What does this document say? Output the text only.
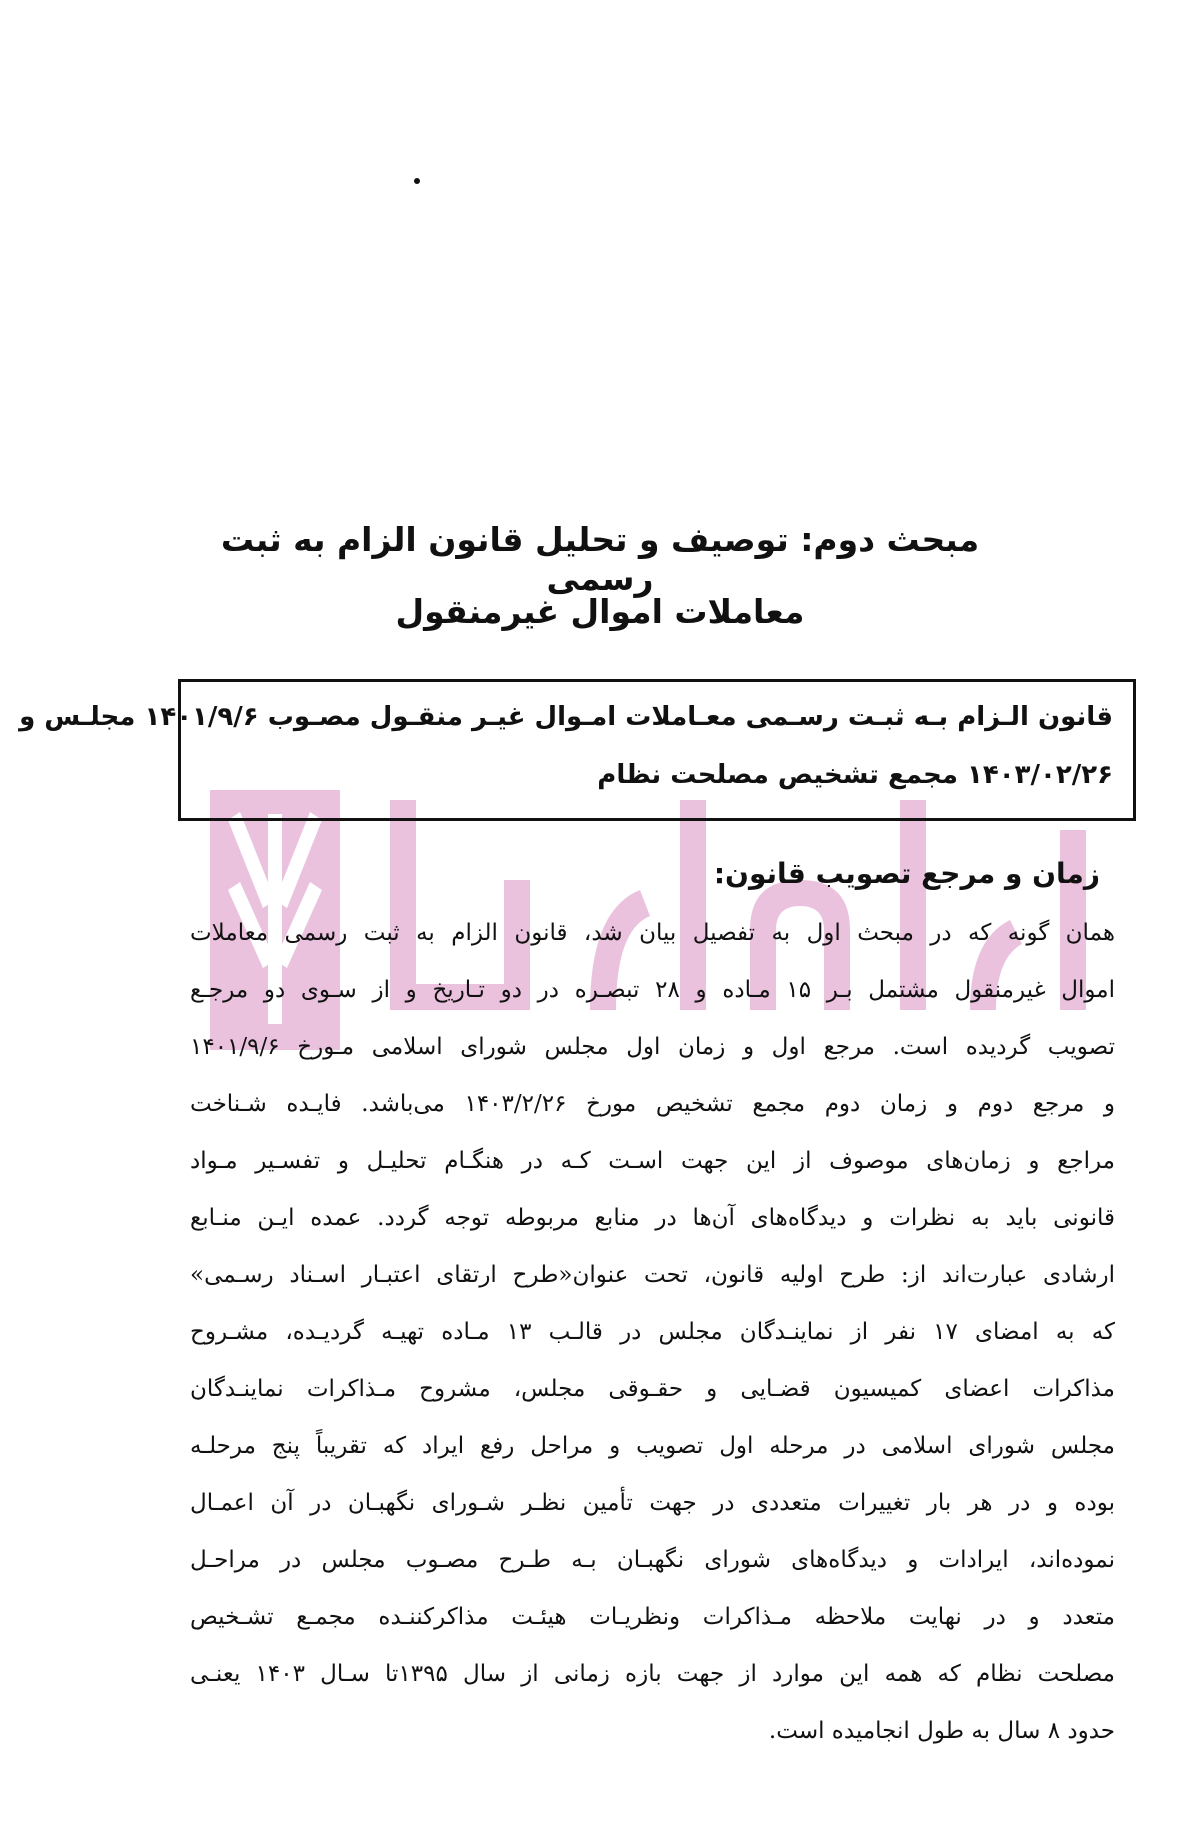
مبحث دوم: توصیف و تحلیل قانون الزام به ثبت رسمی
معاملات اموال غیرمنقول
قانون الـزام بـه ثبـت رسـمی معـاملات امـوال غیـر منقـول مصـوب ۱۴۰۱/۹/۶ مجلـس و
۱۴۰۳/۰۲/۲۶ مجمع تشخیص مصلحت نظام
زمان و مرجع تصویب قانون:
همان گونه که در مبحث اول به تفصیل بیان شد، قانون الزام به ثبت رسمی معاملات
اموال غیرمنقول مشتمل بـر ۱۵ مـاده و ۲۸ تبصـره در دو تـاریخ و از سـوی دو مرجـع
تصویب گردیده است. مرجع اول و زمان اول مجلس شورای اسلامی مـورخ ۱۴۰۱/۹/۶
و مرجع دوم و زمان دوم مجمع تشخیص مورخ ۱۴۰۳/۲/۲۶ می‌باشد. فایـده شـناخت
مراجع و زمان‌های موصوف از این جهت اسـت کـه در هنگـام تحلیـل و تفسـیر مـواد
قانونی باید به نظرات و دیدگاه‌های آن‌ها در منابع مربوطه توجه گردد. عمده ایـن منـابع
ارشادی عبارت‌اند از: طرح اولیه قانون، تحت عنوان«طرح ارتقای اعتبـار اسـناد رسـمی»
که به امضای ۱۷ نفر از نماینـدگان مجلس در قالـب ۱۳ مـاده تهیـه گردیـده، مشـروح
مذاکرات اعضای کمیسیون قضـایی و حقـوقی مجلس، مشروح مـذاکرات نماینـدگان
مجلس شورای اسلامی در مرحله اول تصویب و مراحل رفع ایراد که تقریباً پنج مرحلـه
بوده و در هر بار تغییرات متعددی در جهت تأمین نظـر شـورای نگهبـان در آن اعمـال
نموده‌اند، ایرادات و دیدگاه‌های شورای نگهبـان بـه طـرح مصـوب مجلس در مراحـل
متعدد و در نهایت ملاحظه مـذاکرات ونظریـات هیئـت مذاکرکننـده مجمـع تشـخیص
مصلحت نظام که همه این موارد از جهت بازه زمانی از سال ۱۳۹۵تا سـال ۱۴۰۳ یعنـی
حدود ۸ سال به طول انجامیده است.
